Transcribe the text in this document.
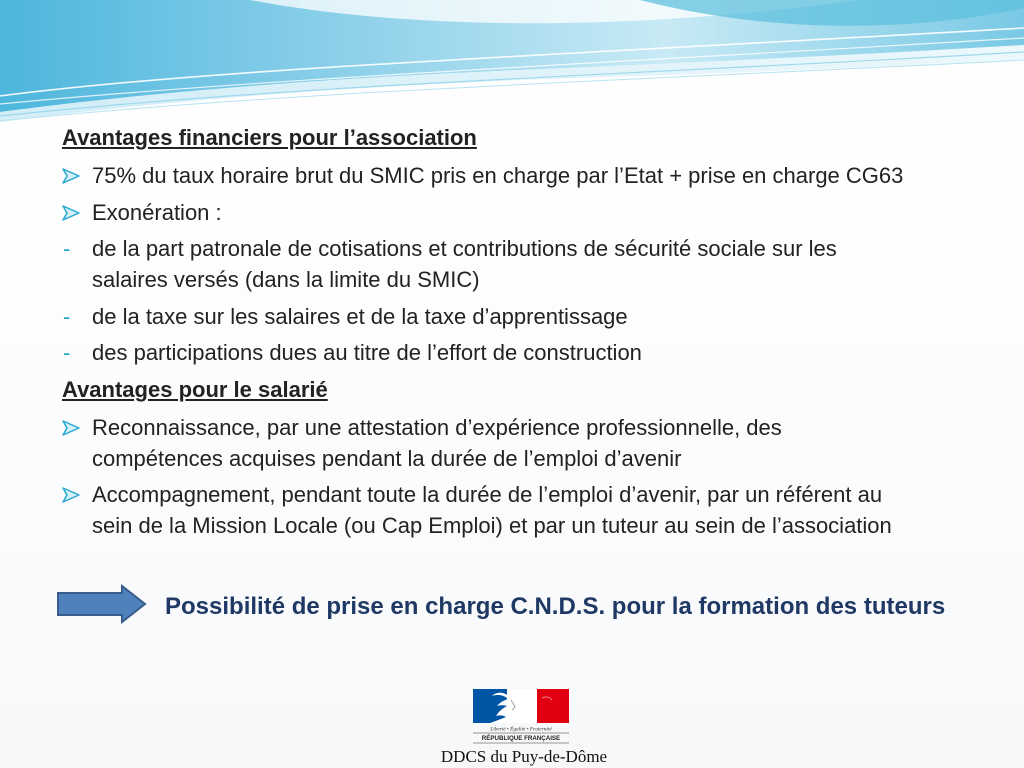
Avantages financiers pour l’association
75% du taux horaire brut du SMIC pris en charge par l’Etat + prise en charge CG63
Exonération :
- de la part patronale de cotisations et contributions de sécurité sociale sur les
salaires versés (dans la limite du SMIC)
- de la taxe sur les salaires et de la taxe d’apprentissage
- des participations dues au titre de l’effort de construction
Avantages pour le salarié
Reconnaissance, par une attestation d’expérience professionnelle, des
compétences acquises pendant la durée de l’emploi d’avenir
Accompagnement, pendant toute la durée de l’emploi d’avenir, par un référent au
sein de la Mission Locale (ou Cap Emploi) et par un tuteur au sein de l’association
Possibilité de prise en charge C.N.D.S. pour la formation des tuteurs
Liberté • Égalité • Fraternité
RÉPUBLIQUE FRANÇAISE
DDCS du Puy-de-Dôme
